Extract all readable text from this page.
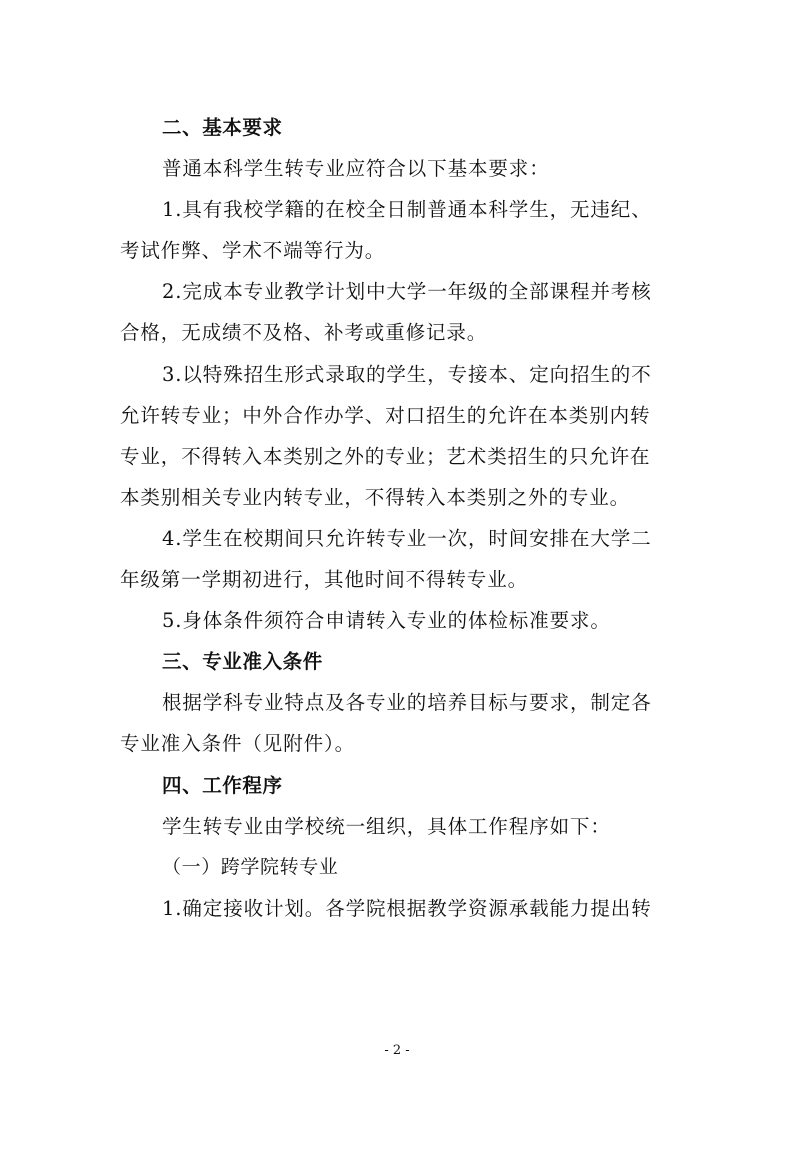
二、基本要求
普通本科学生转专业应符合以下基本要求：
1.具有我校学籍的在校全日制普通本科学生，无违纪、
考试作弊、学术不端等行为。
2.完成本专业教学计划中大学一年级的全部课程并考核
合格，无成绩不及格、补考或重修记录。
3.以特殊招生形式录取的学生，专接本、定向招生的不
允许转专业；中外合作办学、对口招生的允许在本类别内转
专业，不得转入本类别之外的专业；艺术类招生的只允许在
本类别相关专业内转专业，不得转入本类别之外的专业。
4.学生在校期间只允许转专业一次，时间安排在大学二
年级第一学期初进行，其他时间不得转专业。
5.身体条件须符合申请转入专业的体检标准要求。
三、专业准入条件
根据学科专业特点及各专业的培养目标与要求，制定各
专业准入条件（见附件）。
四、工作程序
学生转专业由学校统一组织，具体工作程序如下：
（一）跨学院转专业
1.确定接收计划。各学院根据教学资源承载能力提出转
- 2 -
